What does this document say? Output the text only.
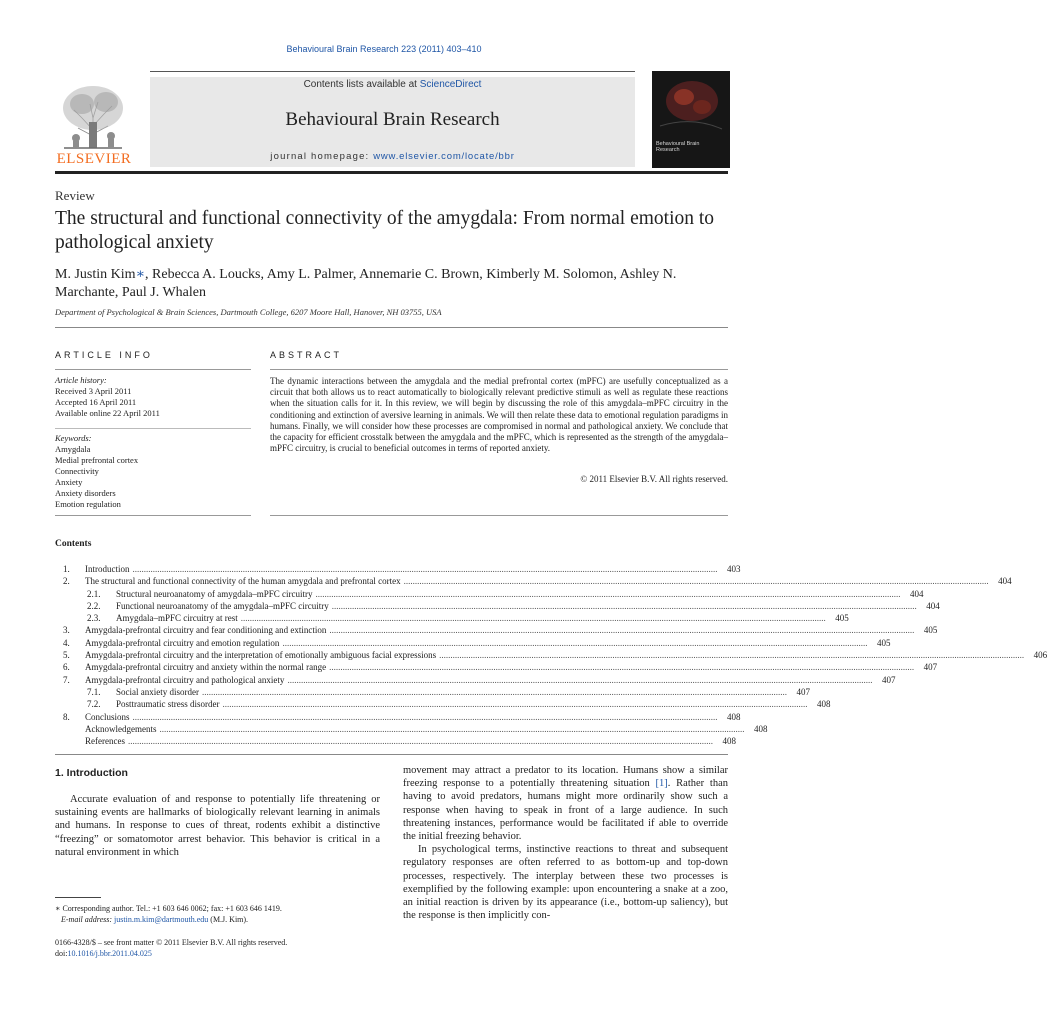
Behavioural Brain Research 223 (2011) 403–410
ELSEVIER
Contents lists available at ScienceDirect
Behavioural Brain Research
journal homepage: www.elsevier.com/locate/bbr
Behavioural Brain Research
Review
The structural and functional connectivity of the amygdala: From normal emotion to pathological anxiety
M. Justin Kim∗, Rebecca A. Loucks, Amy L. Palmer, Annemarie C. Brown, Kimberly M. Solomon, Ashley N. Marchante, Paul J. Whalen
Department of Psychological & Brain Sciences, Dartmouth College, 6207 Moore Hall, Hanover, NH 03755, USA
ARTICLE INFO	ABSTRACT
Article history:
Received 3 April 2011
Accepted 16 April 2011
Available online 22 April 2011
Keywords:
Amygdala
Medial prefrontal cortex
Connectivity
Anxiety
Anxiety disorders
Emotion regulation
The dynamic interactions between the amygdala and the medial prefrontal cortex (mPFC) are usefully conceptualized as a circuit that both allows us to react automatically to biologically relevant predictive stimuli as well as regulate these reactions when the situation calls for it. In this review, we will begin by discussing the role of this amygdala–mPFC circuitry in the conditioning and extinction of aversive learning in animals. We will then relate these data to emotional regulation paradigms in humans. Finally, we will consider how these processes are compromised in normal and pathological anxiety. We conclude that the capacity for efficient crosstalk between the amygdala and the mPFC, which is represented as the strength of the amygdala–mPFC circuitry, is crucial to beneficial outcomes in terms of reported anxiety.
© 2011 Elsevier B.V. All rights reserved.
Contents
1.	Introduction ....................................................................................................................................................................................................................................................................	403
2.	The structural and functional connectivity of the human amygdala and prefrontal cortex ....................................................................................................................................................................................................................................................................	404
2.1.	Structural neuroanatomy of amygdala–mPFC circuitry ....................................................................................................................................................................................................................................................................	404
2.2.	Functional neuroanatomy of the amygdala–mPFC circuitry ....................................................................................................................................................................................................................................................................	404
2.3.	Amygdala–mPFC circuitry at rest ....................................................................................................................................................................................................................................................................	405
3.	Amygdala-prefrontal circuitry and fear conditioning and extinction ....................................................................................................................................................................................................................................................................	405
4.	Amygdala-prefrontal circuitry and emotion regulation ....................................................................................................................................................................................................................................................................	405
5.	Amygdala-prefrontal circuitry and the interpretation of emotionally ambiguous facial expressions ....................................................................................................................................................................................................................................................................	406
6.	Amygdala-prefrontal circuitry and anxiety within the normal range ....................................................................................................................................................................................................................................................................	407
7.	Amygdala-prefrontal circuitry and pathological anxiety ....................................................................................................................................................................................................................................................................	407
7.1.	Social anxiety disorder ....................................................................................................................................................................................................................................................................	407
7.2.	Posttraumatic stress disorder ....................................................................................................................................................................................................................................................................	408
8.	Conclusions ....................................................................................................................................................................................................................................................................	408
Acknowledgements ....................................................................................................................................................................................................................................................................	408
References ....................................................................................................................................................................................................................................................................	408
1. Introduction
Accurate evaluation of and response to potentially life threatening or sustaining events are hallmarks of biologically relevant learning in animals and humans. In response to cues of threat, rodents exhibit a distinctive “freezing” or somatomotor arrest behavior. This behavior is critical in a natural environment in which

movement may attract a predator to its location. Humans show a similar freezing response to a potentially threatening situation [1]. Rather than having to avoid predators, humans might more ordinarily show such a response when having to speak in front of a large audience. In such threatening instances, performance would be facilitated if able to override the initial freezing behavior.

In psychological terms, instinctive reactions to threat and subsequent regulatory responses are often referred to as bottom-up and top-down processes, respectively. The interplay between these two processes is exemplified by the following example: upon encountering a snake at a zoo, an initial reaction is driven by its appearance (i.e., bottom-up saliency), but the response is then implicitly con-

∗ Corresponding author. Tel.: +1 603 646 0062; fax: +1 603 646 1419.
E-mail address: justin.m.kim@dartmouth.edu (M.J. Kim).
0166-4328/$ – see front matter © 2011 Elsevier B.V. All rights reserved.
doi:10.1016/j.bbr.2011.04.025
